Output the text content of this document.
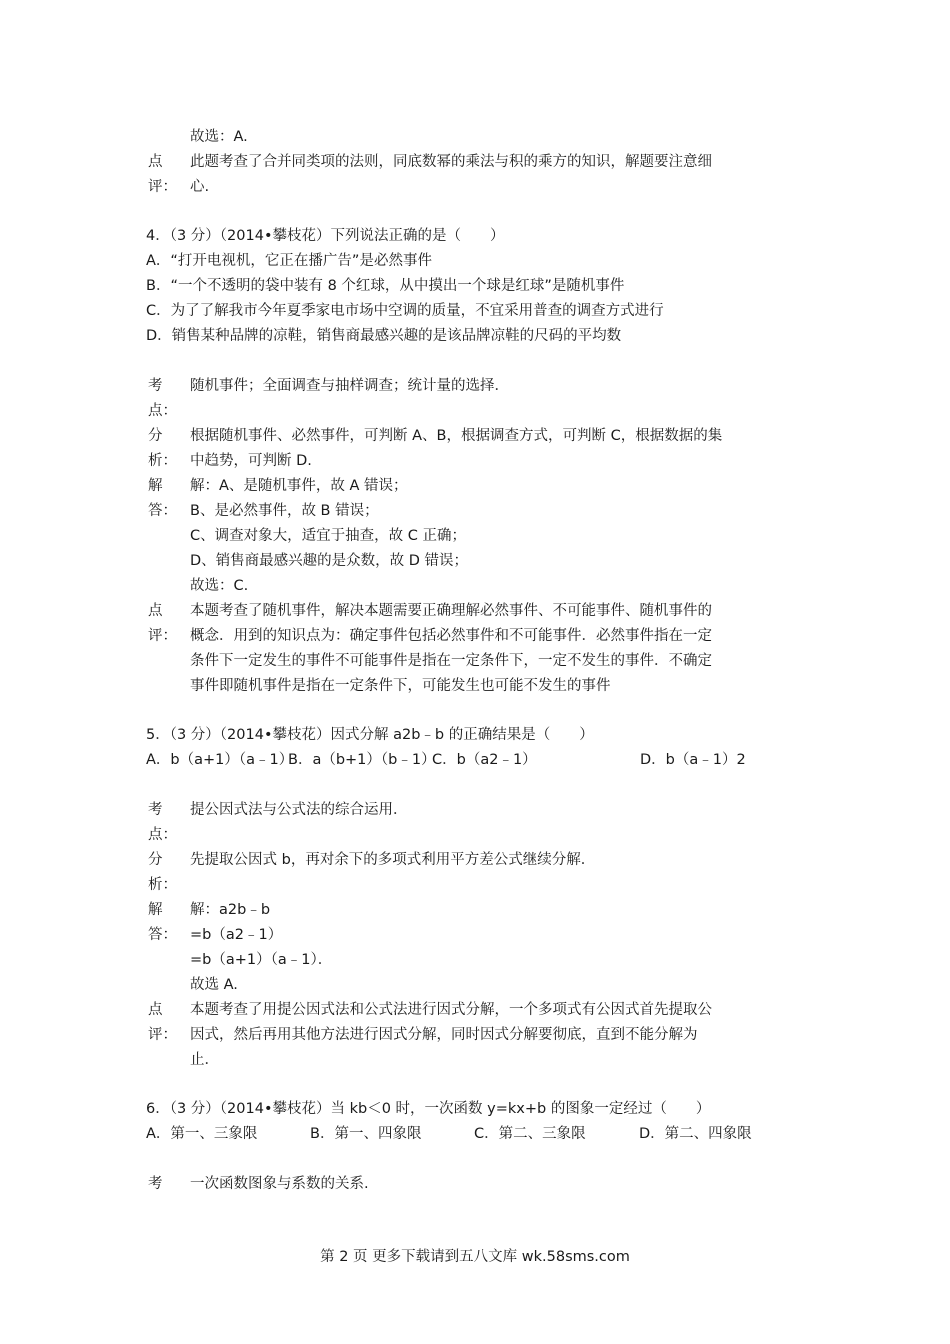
故选：A.
点
评：
此题考查了合并同类项的法则，同底数幂的乘法与积的乘方的知识，解题要注意细
心.
4．（3 分）（2014•攀枝花）下列说法正确的是（　　）
A．“打开电视机，它正在播广告”是必然事件
B．“一个不透明的袋中装有 8 个红球，从中摸出一个球是红球”是随机事件
C．为了了解我市今年夏季家电市场中空调的质量，不宜采用普查的调查方式进行
D．销售某种品牌的凉鞋，销售商最感兴趣的是该品牌凉鞋的尺码的平均数
考
点：
随机事件；全面调查与抽样调查；统计量的选择．
分
析：
根据随机事件、必然事件，可判断 A、B，根据调查方式，可判断 C，根据数据的集
中趋势，可判断 D.
解
答：
解：A、是随机事件，故 A 错误；
B、是必然事件，故 B 错误；
C、调查对象大，适宜于抽查，故 C 正确；
D、销售商最感兴趣的是众数，故 D 错误；
故选：C.
点
评：
本题考查了随机事件，解决本题需要正确理解必然事件、不可能事件、随机事件的
概念．用到的知识点为：确定事件包括必然事件和不可能事件．必然事件指在一定
条件下一定发生的事件不可能事件是指在一定条件下，一定不发生的事件．不确定
事件即随机事件是指在一定条件下，可能发生也可能不发生的事件
5．（3 分）（2014•攀枝花）因式分解 a2b﹣b 的正确结果是（　　）
A．b（a+1）（a﹣1）
B．a（b+1）（b﹣1）
C．b（a2﹣1）	D．b（a﹣1）2
考
点：
提公因式法与公式法的综合运用．
分
析：
先提取公因式 b，再对余下的多项式利用平方差公式继续分解．
解
答：
解：a2b﹣b
=b（a2﹣1）
=b（a+1）（a﹣1）．
故选 A.
点
评：
本题考查了用提公因式法和公式法进行因式分解，一个多项式有公因式首先提取公
因式，然后再用其他方法进行因式分解，同时因式分解要彻底，直到不能分解为
止．
6．（3 分）（2014•攀枝花）当 kb＜0 时，一次函数 y=kx+b 的图象一定经过（　　）
A．第一、三象限	B．第一、四象限	C．第二、三象限	D．第二、四象限
考 一次函数图象与系数的关系.
第 2 页 更多下载请到五八文库 wk.58sms.com
